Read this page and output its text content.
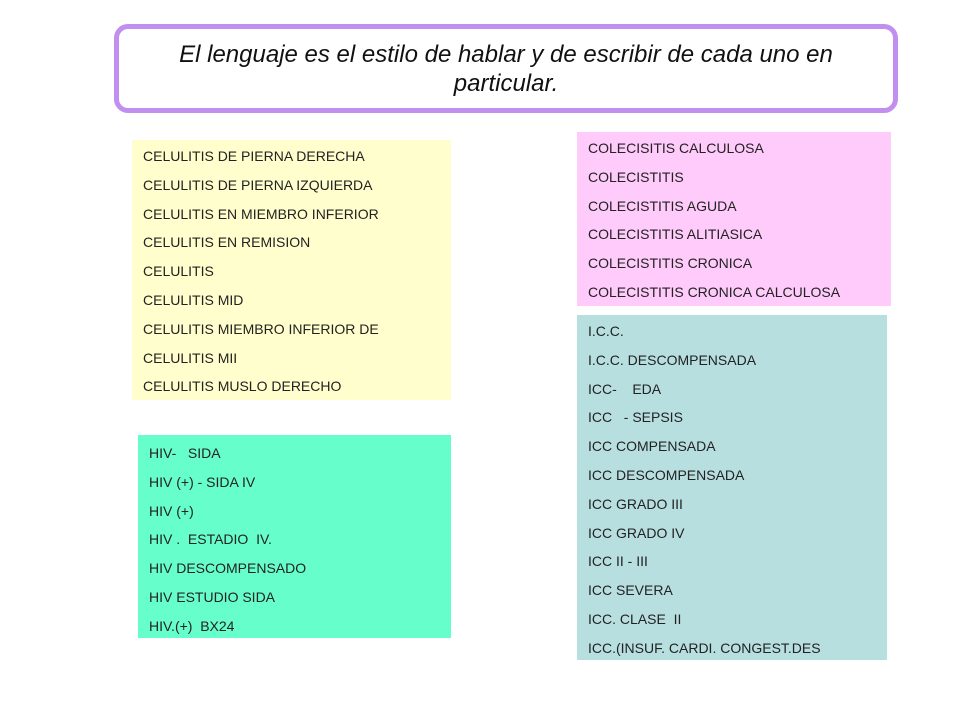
El lenguaje es el estilo de hablar y de escribir de cada uno en particular.
CELULITIS DE PIERNA DERECHA
CELULITIS DE PIERNA IZQUIERDA
CELULITIS EN MIEMBRO INFERIOR
CELULITIS EN REMISION
CELULITIS
CELULITIS MID
CELULITIS MIEMBRO INFERIOR DE
CELULITIS MII
CELULITIS MUSLO DERECHO
COLECISITIS CALCULOSA
COLECISTITIS
COLECISTITIS AGUDA
COLECISTITIS ALITIASICA
COLECISTITIS CRONICA
COLECISTITIS CRONICA CALCULOSA
HIV-   SIDA
HIV (+) - SIDA IV
HIV (+)
HIV .  ESTADIO  IV.
HIV DESCOMPENSADO
HIV ESTUDIO SIDA
HIV.(+)  BX24
I.C.C.
I.C.C. DESCOMPENSADA
ICC-    EDA
ICC   - SEPSIS
ICC COMPENSADA
ICC DESCOMPENSADA
ICC GRADO III
ICC GRADO IV
ICC II - III
ICC SEVERA
ICC. CLASE  II
ICC.(INSUF. CARDI. CONGEST.DES
